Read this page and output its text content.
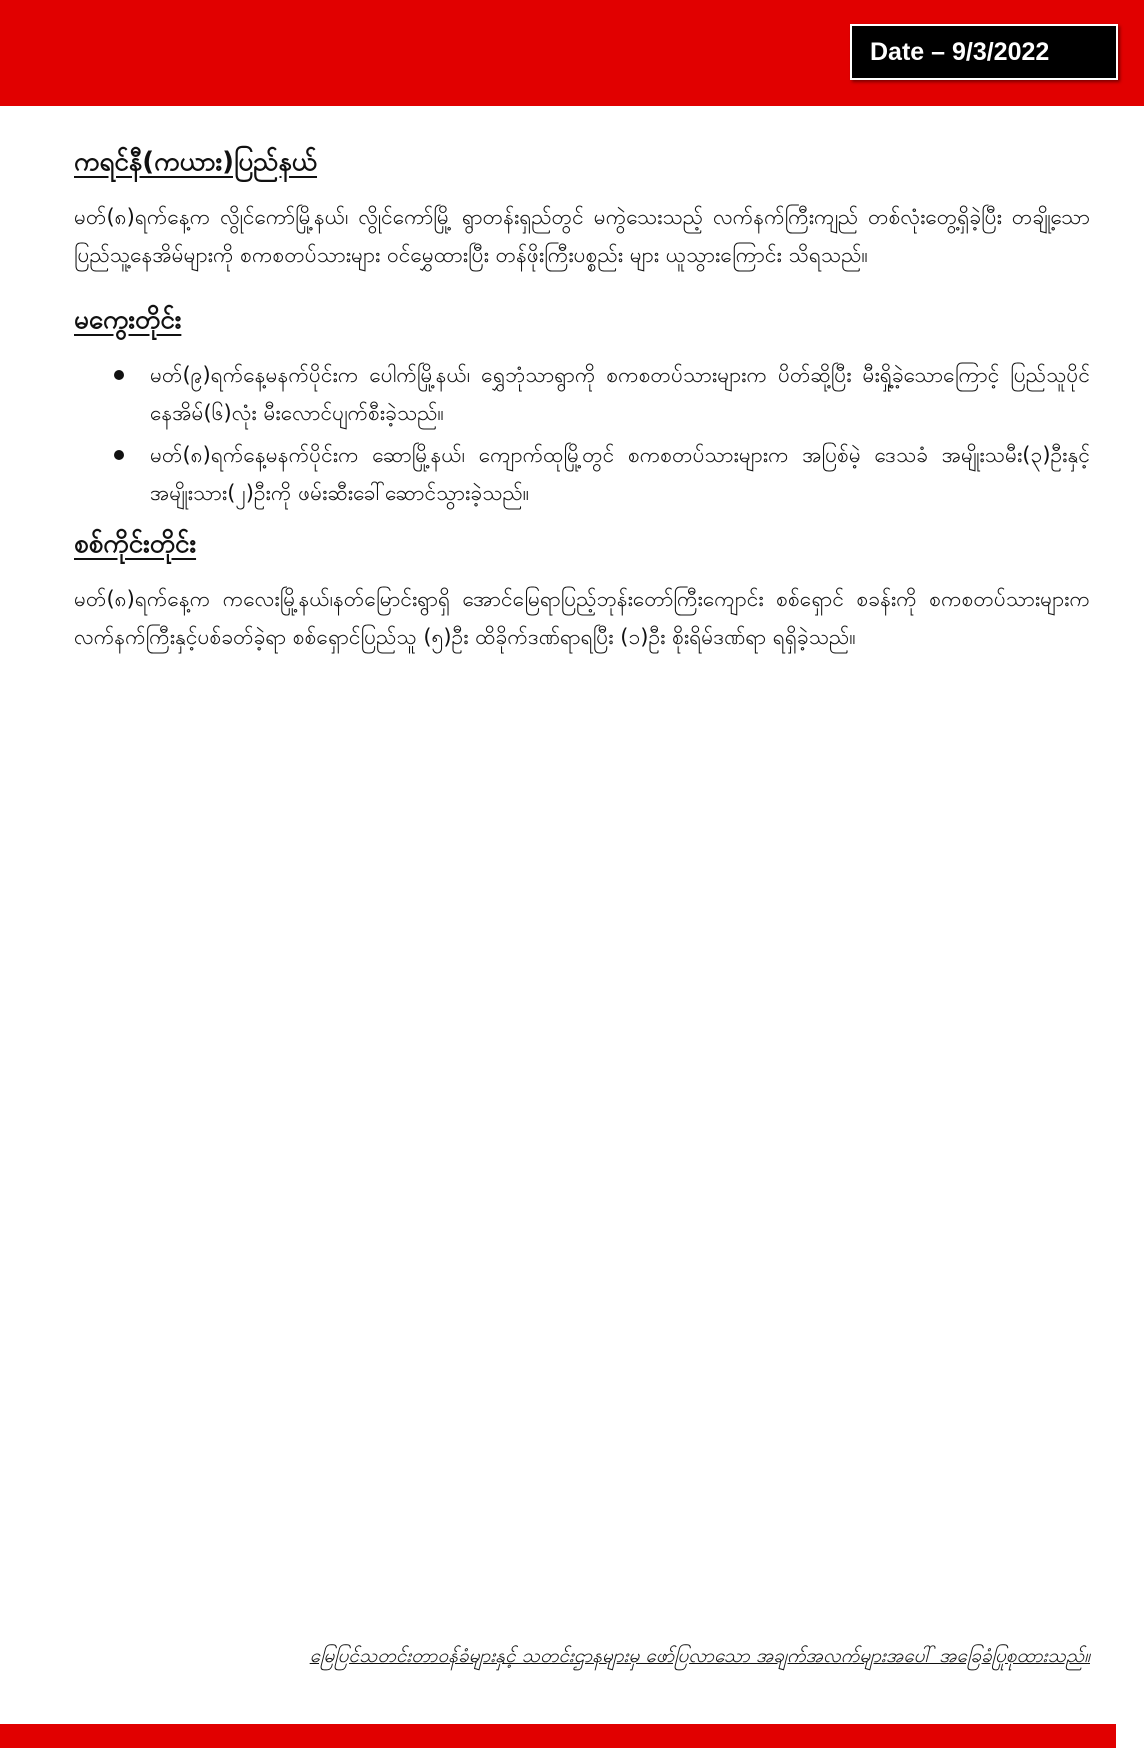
Date – 9/3/2022
ကရင်နီ(ကယား)ပြည်နယ်

မတ်(၈)ရက်နေ့က လွိုင်ကော်မြို့နယ်၊ လွိုင်ကော်မြို့ ရွာတန်းရှည်တွင် မကွဲသေးသည့် လက်နက်ကြီးကျည် တစ်လုံးတွေ့ရှိခဲ့ပြီး တချို့သောပြည်သူ့နေအိမ်များကို စကစတပ်သားများ ဝင်မွှေထားပြီး တန်ဖိုးကြီးပစ္စည်း များ ယူသွားကြောင်း သိရသည်။

မကွေးတိုင်း
မတ်(၉)ရက်နေ့မနက်ပိုင်းက ပေါက်မြို့နယ်၊ ရွှေဘုံသာရွာကို စကစတပ်သားများက ပိတ်ဆို့ပြီး မီးရှို့ခဲ့သောကြောင့် ပြည်သူပိုင်နေအိမ်(၆)လုံး မီးလောင်ပျက်စီးခဲ့သည်။
မတ်(၈)ရက်နေ့မနက်ပိုင်းက ဆောမြို့နယ်၊ ကျောက်ထုမြို့တွင် စကစတပ်သားများက အပြစ်မဲ့ ဒေသခံ အမျိုးသမီး(၃)ဦးနှင့်အမျိုးသား(၂)ဦးကို ဖမ်းဆီးခေါ်ဆောင်သွားခဲ့သည်။
စစ်ကိုင်းတိုင်း

မတ်(၈)ရက်နေ့က ကလေးမြို့နယ်၊နတ်မြောင်းရွာရှိ အောင်မြေရာပြည့်ဘုန်းတော်ကြီးကျောင်း စစ်ရှောင် စခန်းကို စကစတပ်သားများက လက်နက်ကြီးနှင့်ပစ်ခတ်ခဲ့ရာ စစ်ရှောင်ပြည်သူ (၅)ဦး ထိခိုက်ဒဏ်ရာရပြီး (၁)ဦး စိုးရိမ်ဒဏ်ရာ ရရှိခဲ့သည်။

မြေပြင်သတင်းတာဝန်ခံများနှင့် သတင်းဌာနများမှ ဖော်ပြလာသော အချက်အလက်များအပေါ် အခြေခံပြုစုထားသည်။
